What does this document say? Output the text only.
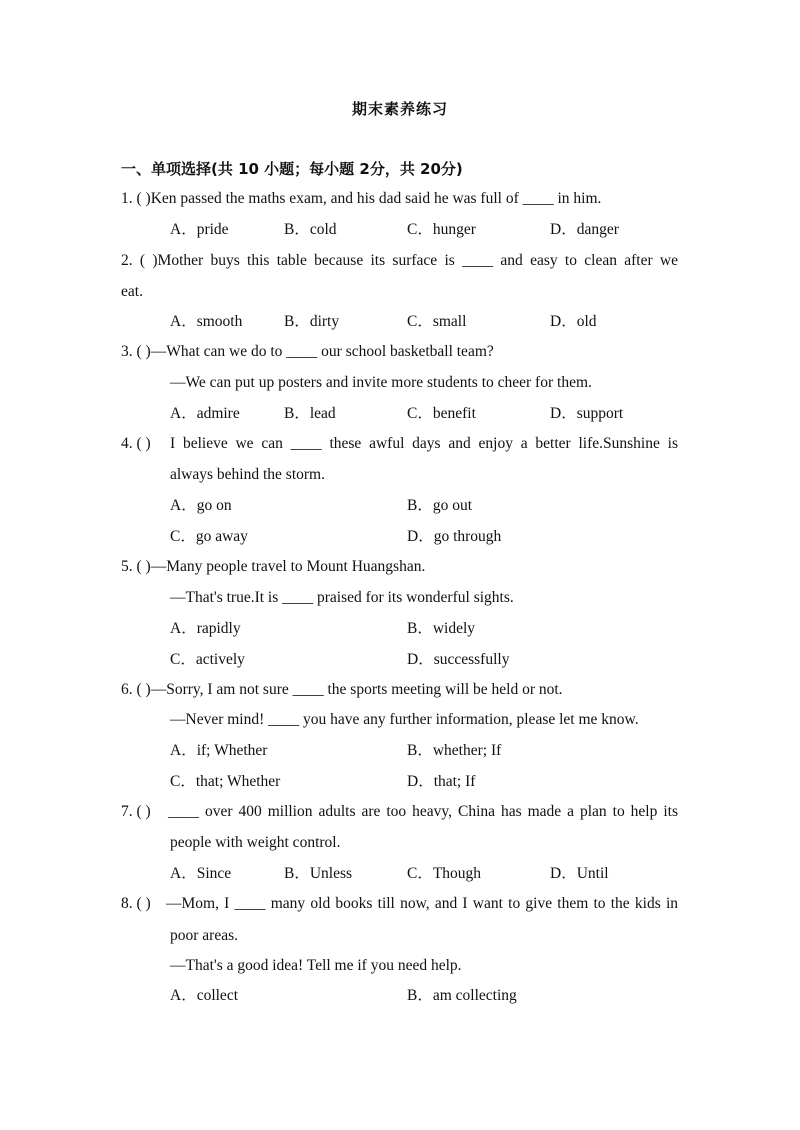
期末素养练习
一、单项选择(共 10 小题；每小题 2分，共 20分)
1. ( )Ken passed the maths exam, and his dad said he was full of ____ in him.
A．pride	B．cold	C．hunger	D．danger
2. ( )Mother buys this table because its surface is ____ and easy to clean after we
eat.
A．smooth	B．dirty	C．small	D．old
3. ( )—What can we do to ____ our school basketball team?
—We can put up posters and invite more students to cheer for them.
A．admire	B．lead	C．benefit	D．support
4. ( ) I believe we can ____ these awful days and enjoy a better life.Sunshine is
always behind the storm.
A．go on	B．go out
C．go away	D．go through
5. ( )—Many people travel to Mount Huangshan.
—That's true.It is ____ praised for its wonderful sights.
A．rapidly	B．widely
C．actively	D．successfully
6. ( )—Sorry, I am not sure ____ the sports meeting will be held or not.
—Never mind! ____ you have any further information, please let me know.
A．if; Whether	B．whether; If
C．that; Whether	D．that; If
7. ( ) ____ over 400 million adults are too heavy, China has made a plan to help its
people with weight control.
A．Since	B．Unless	C．Though	D．Until
8. ( ) —Mom, I ____ many old books till now, and I want to give them to the kids in
poor areas.
—That's a good idea! Tell me if you need help.
A．collect	B．am collecting
